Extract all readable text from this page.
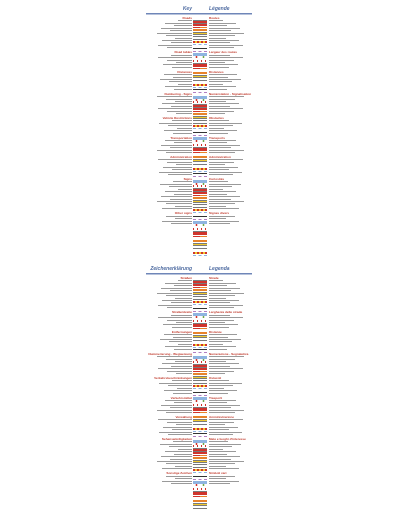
Key	Légende
Roads
Road tables
Distances
Numbering - Signs
Vehicle Restrictions
Transportation
Administration
Signs
Other signs
Routes
Largeur des routes
Distances
Numérotation - Signalisation
Obstacles
Transports
Administration
Curiosités
Signes divers
Zeichenerklärung	Legenda
Straßen
Straßenbreite
Entfernungen
Nummerierung - Wegweisung
Verkehrsbeschränkungen
Verkehrsmittel
Verwaltung
Sehenswürdigkeiten
Sonstige Zeichen
Strade
Larghezza delle strade
Distanze
Numerazione - Segnaletica
Ostacoli
Trasporti
Amministrazione
Mete e luoghi d'interesse
Simboli vari
